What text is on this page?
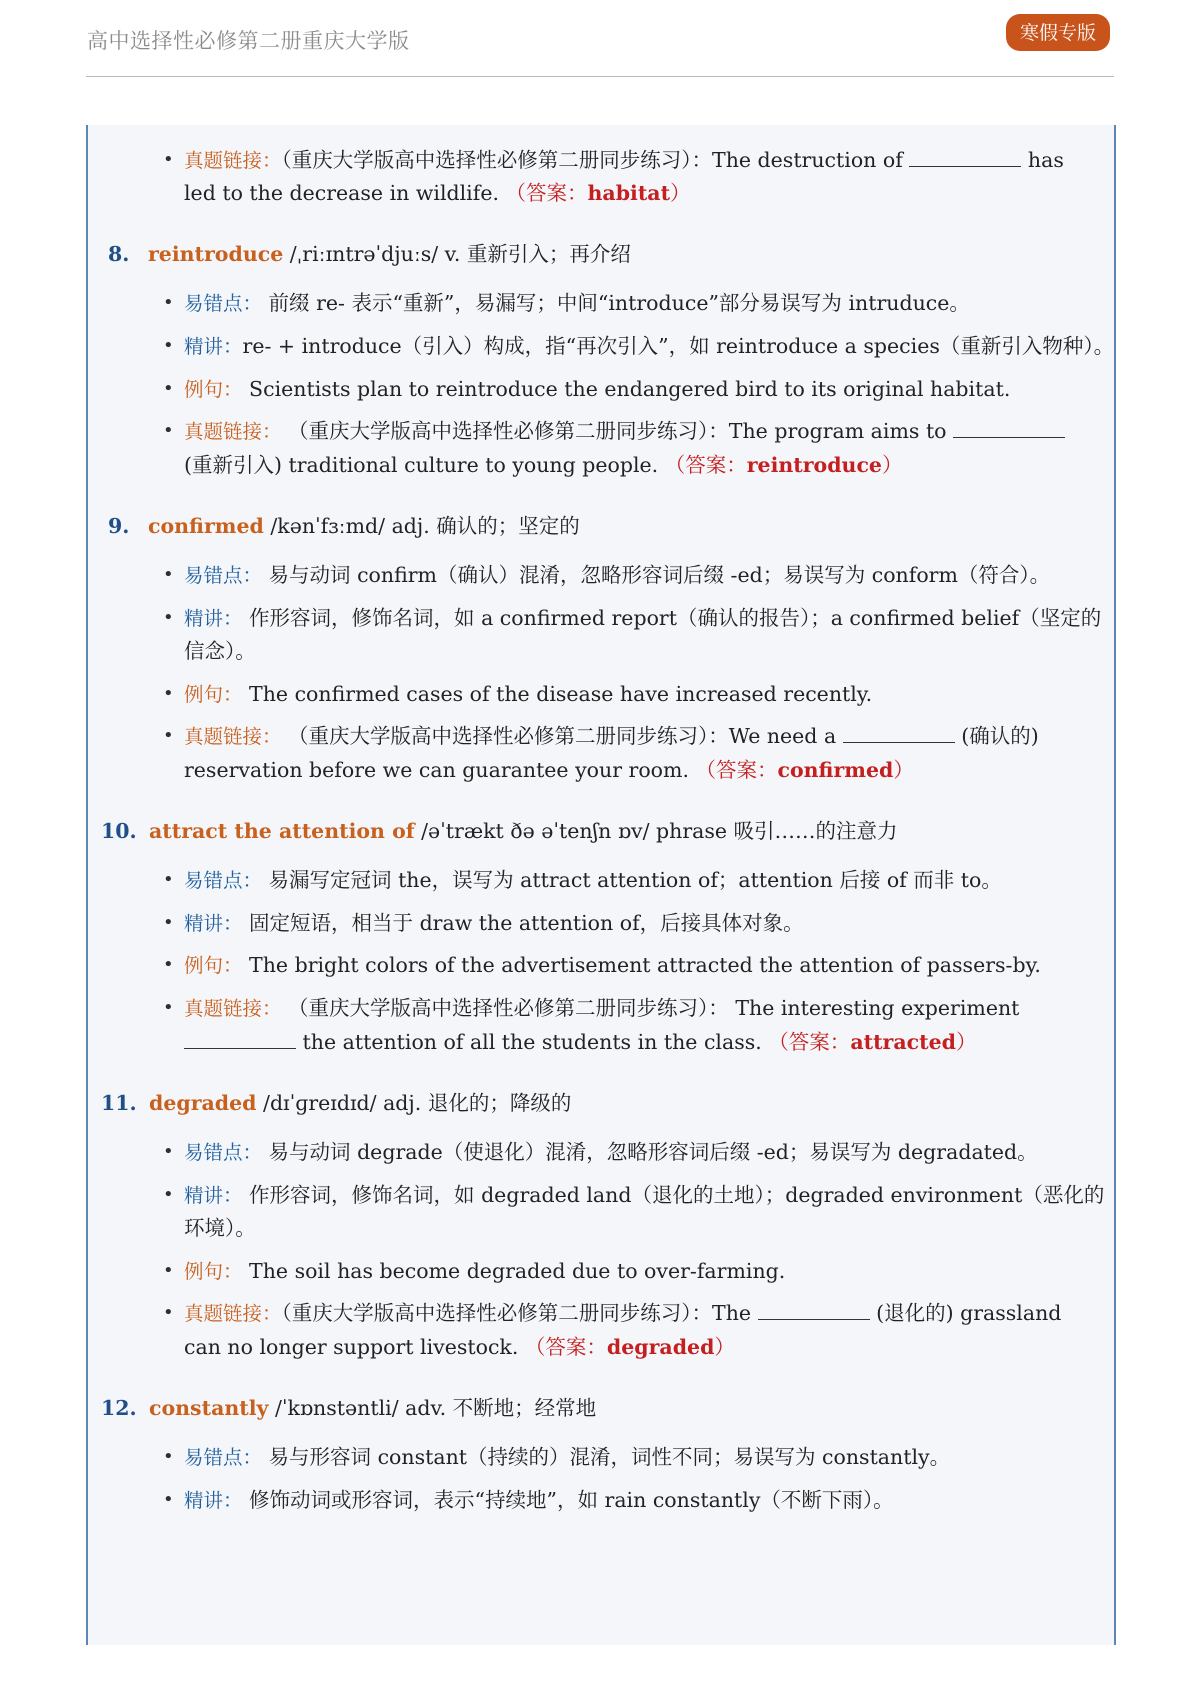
高中选择性必修第二册重庆大学版	寒假专版
• 真题链接：（重庆大学版高中选择性必修第二册同步练习）：The destruction of	has
led to the decrease in wildlife. （答案：habitat）
8. reintroduce /ˌriːɪntrəˈdjuːs/ v. 重新引入；再介绍
• 易错点： 前缀 re- 表示“重新”，易漏写；中间“introduce”部分易误写为 intruduce。
• 精讲：re- + introduce（引入）构成，指“再次引入”，如 reintroduce a species（重新引入物种）。
• 例句： Scientists plan to reintroduce the endangered bird to its original habitat.
• 真题链接： （重庆大学版高中选择性必修第二册同步练习）：The program aims to
(重新引入) traditional culture to young people. （答案：reintroduce）
9. confirmed /kənˈfɜːmd/ adj. 确认的；坚定的
• 易错点： 易与动词 confirm（确认）混淆，忽略形容词后缀 -ed；易误写为 conform（符合）。
• 精讲： 作形容词，修饰名词，如 a confirmed report（确认的报告）；a confirmed belief（坚定的
信念）。
• 例句： The confirmed cases of the disease have increased recently.
• 真题链接： （重庆大学版高中选择性必修第二册同步练习）：We need a	(确认的)
reservation before we can guarantee your room. （答案：confirmed）
10. attract the attention of /əˈtrækt ðə əˈtenʃn ɒv/ phrase 吸引……的注意力
• 易错点： 易漏写定冠词 the，误写为 attract attention of；attention 后接 of 而非 to。
• 精讲： 固定短语，相当于 draw the attention of，后接具体对象。
• 例句： The bright colors of the advertisement attracted the attention of passers-by.
• 真题链接： （重庆大学版高中选择性必修第二册同步练习）： The interesting experiment
the attention of all the students in the class. （答案：attracted）
11. degraded /dɪˈɡreɪdɪd/ adj. 退化的；降级的
• 易错点： 易与动词 degrade（使退化）混淆，忽略形容词后缀 -ed；易误写为 degradated。
• 精讲： 作形容词，修饰名词，如 degraded land（退化的土地）；degraded environment（恶化的
环境）。
• 例句： The soil has become degraded due to over-farming.
• 真题链接：（重庆大学版高中选择性必修第二册同步练习）：The	(退化的) grassland
can no longer support livestock. （答案：degraded）
12. constantly /ˈkɒnstəntli/ adv. 不断地；经常地
• 易错点： 易与形容词 constant（持续的）混淆，词性不同；易误写为 constantly。
• 精讲： 修饰动词或形容词，表示“持续地”，如 rain constantly（不断下雨）。
